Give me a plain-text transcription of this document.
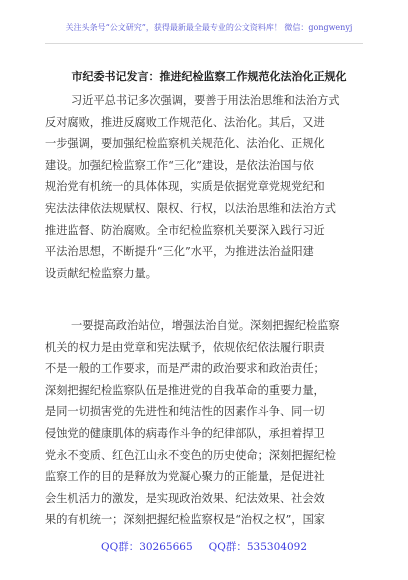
关注头条号“公文研究”，获得最新最全最专业的公文资料库！ 微信：gongwenyj
市纪委书记发言：推进纪检监察工作规范化法治化正规化
习近平总书记多次强调，要善于用法治思维和法治方式
反对腐败，推进反腐败工作规范化、法治化。其后，又进
一步强调，要加强纪检监察机关规范化、法治化、正规化
建设。加强纪检监察工作“三化”建设，是依法治国与依
规治党有机统一的具体体现，实质是依据党章党规党纪和
宪法法律依法规赋权、限权、行权，以法治思维和法治方式
推进监督、防治腐败。全市纪检监察机关要深入践行习近
平法治思想，不断提升“三化”水平，为推进法治益阳建
设贡献纪检监察力量。
一要提高政治站位，增强法治自觉。深刻把握纪检监察
机关的权力是由党章和宪法赋予，依规依纪依法履行职责
不是一般的工作要求，而是严肃的政治要求和政治责任；
深刻把握纪检监察队伍是推进党的自我革命的重要力量，
是同一切损害党的先进性和纯洁性的因素作斗争、同一切
侵蚀党的健康肌体的病毒作斗争的纪律部队，承担着捍卫
党永不变质、红色江山永不变色的历史使命；深刻把握纪检
监察工作的目的是释放为党凝心聚力的正能量，是促进社
会生机活力的激发，是实现政治效果、纪法效果、社会效
果的有机统一；深刻把握纪检监察权是“治权之权”，国家
QQ群：30265665 QQ群：535304092
